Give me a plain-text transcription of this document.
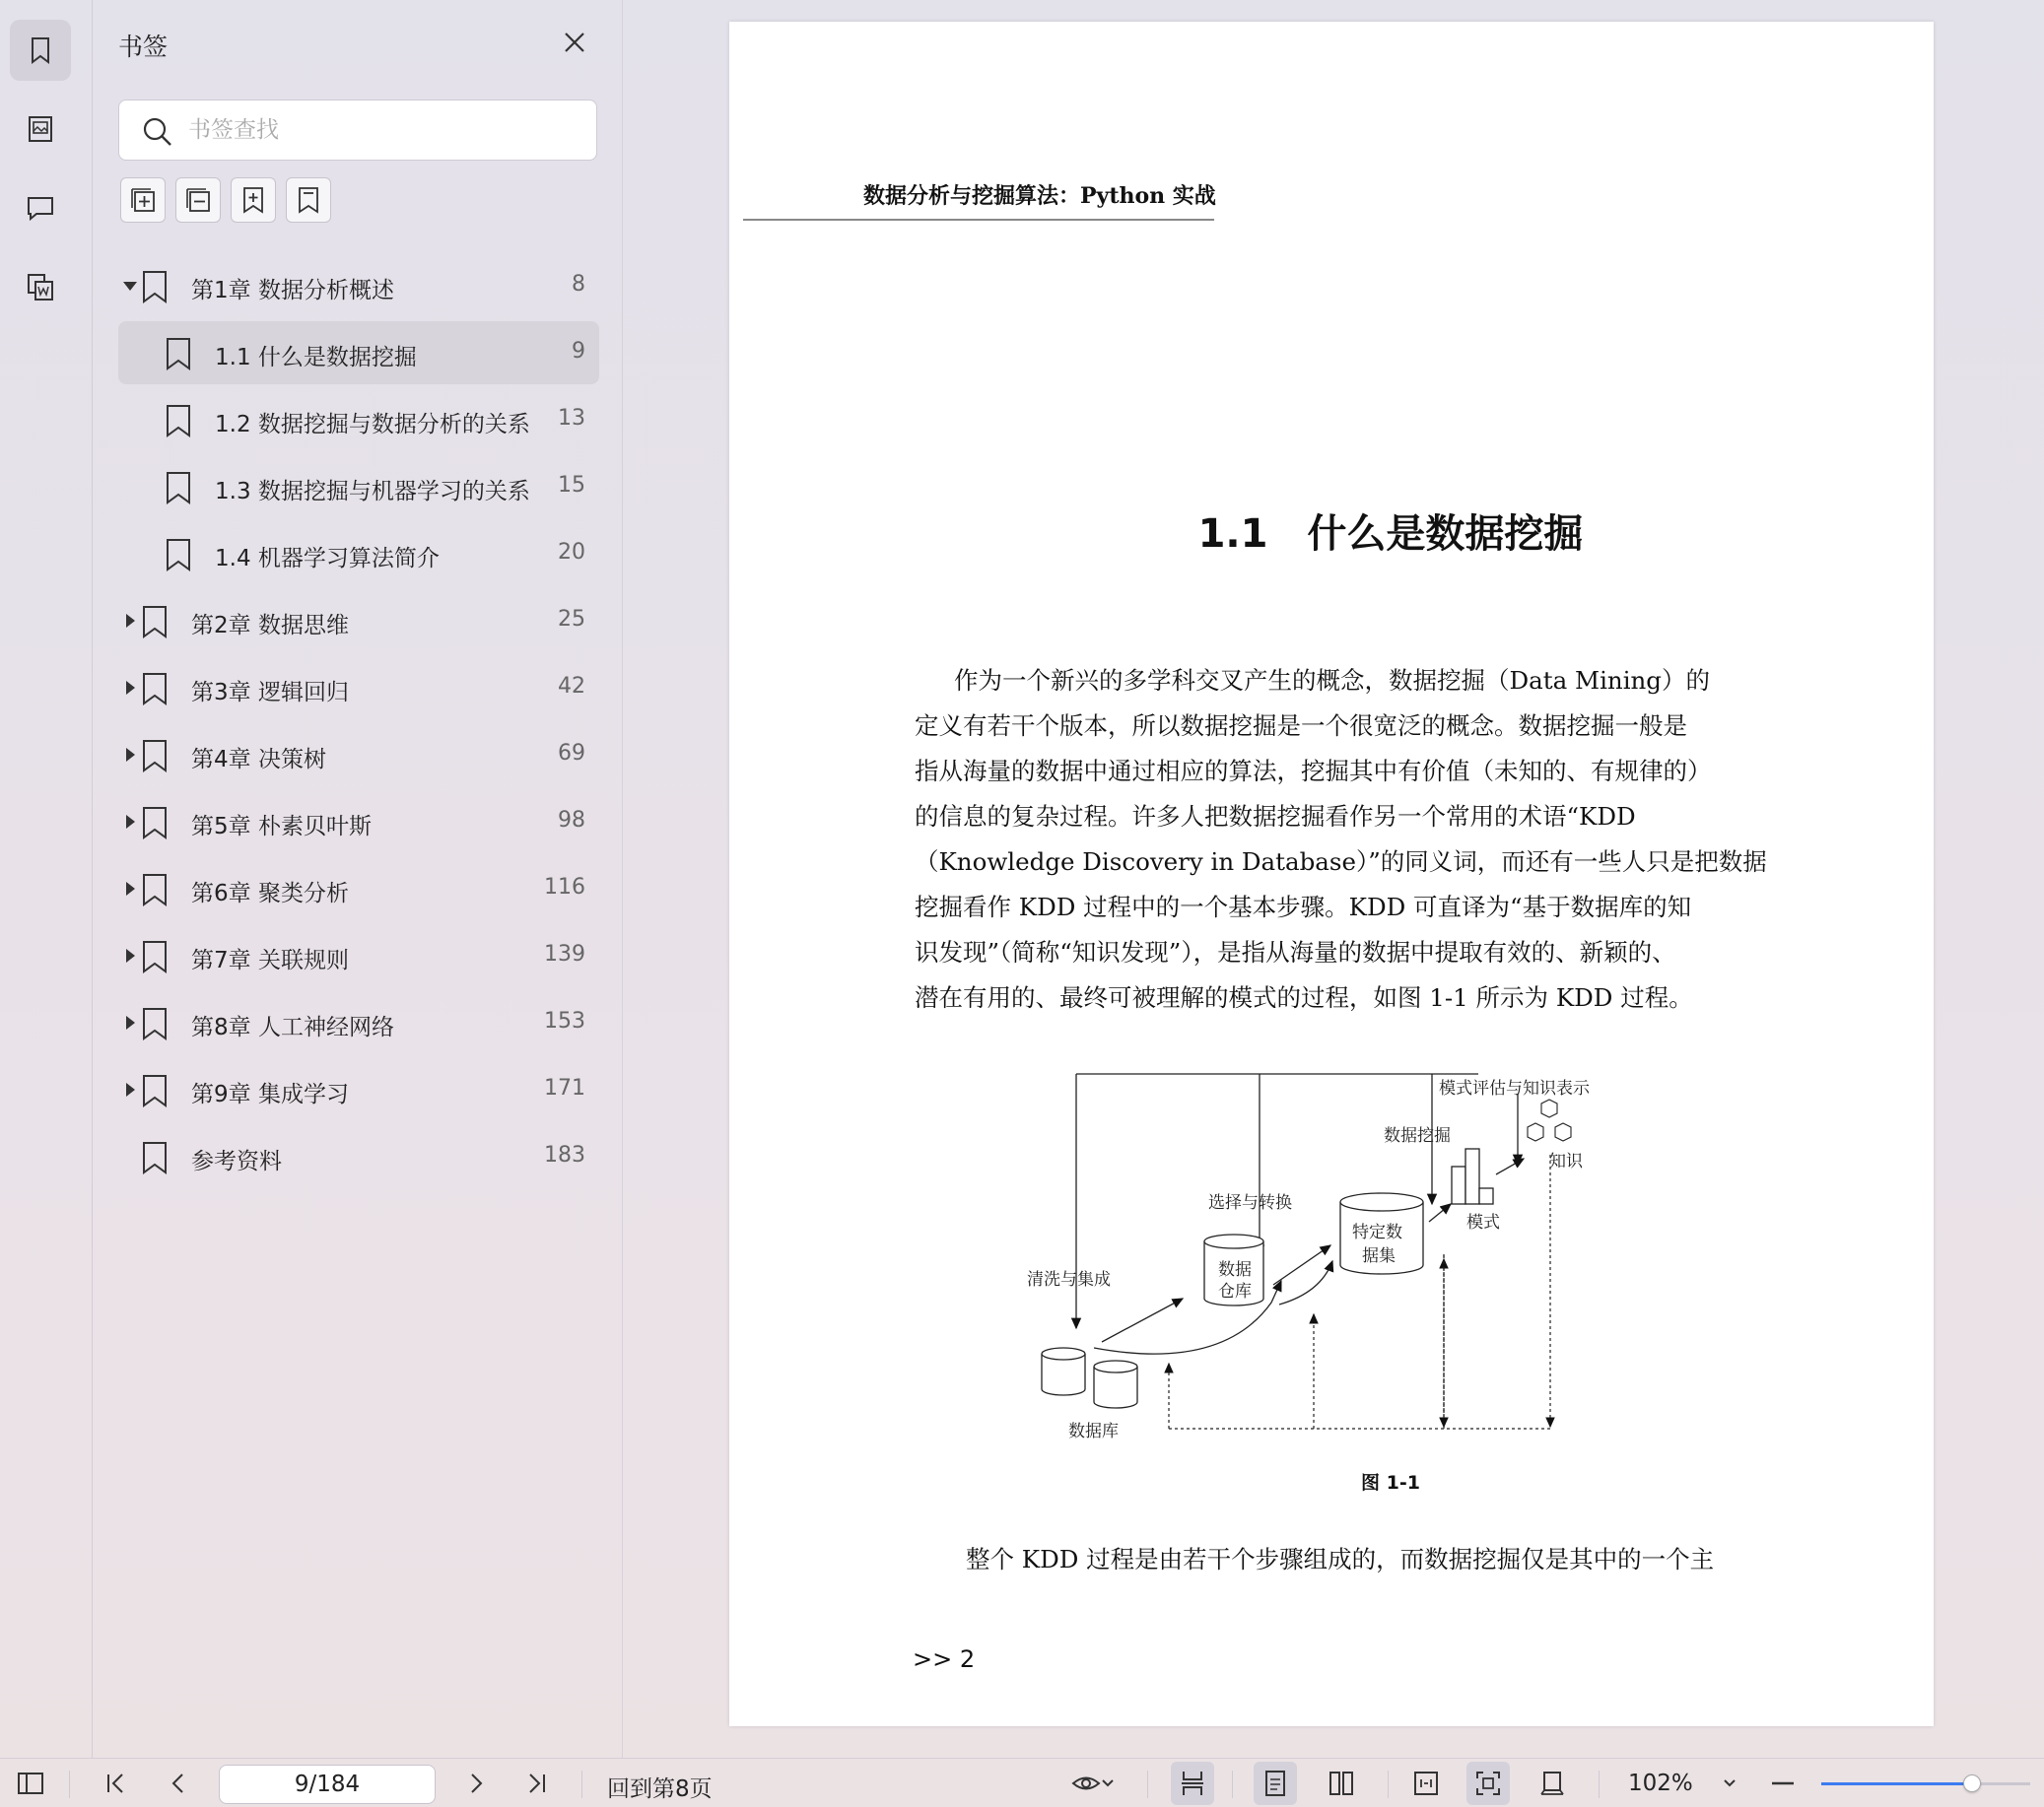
书签
书签查找
第1章 数据分析概述	8
1.1 什么是数据挖掘	9
1.2 数据挖掘与数据分析的关系 13
1.3 数据挖掘与机器学习的关系 15
1.4 机器学习算法简介	20
第2章 数据思维	25
第3章 逻辑回归	42
第4章 决策树	69
第5章 朴素贝叶斯	98
第6章 聚类分析	116
第7章 关联规则	139
第8章 人工神经网络	153
第9章 集成学习	171
参考资料	183
数据分析与挖掘算法：Python 实战
1.1　什么是数据挖掘
作为一个新兴的多学科交叉产生的概念，数据挖掘（Data Mining）的
定义有若干个版本，所以数据挖掘是一个很宽泛的概念。数据挖掘一般是
指从海量的数据中通过相应的算法，挖掘其中有价值（未知的、有规律的）
的信息的复杂过程。许多人把数据挖掘看作另一个常用的术语“KDD
（Knowledge Discovery in Database）”的同义词，而还有一些人只是把数据
挖掘看作 KDD 过程中的一个基本步骤。KDD 可直译为“基于数据库的知
识发现”（简称“知识发现”），是指从海量的数据中提取有效的、新颖的、
潜在有用的、最终可被理解的模式的过程，如图 1-1 所示为 KDD 过程。
清洗与集成
选择与转换
数据挖掘
模式评估与知识表示
数据库
数据
仓库
特定数
据集
模式
知识
图 1-1
整个 KDD 过程是由若干个步骤组成的，而数据挖掘仅是其中的一个主
>> 2
9/184
回到第8页	102%
